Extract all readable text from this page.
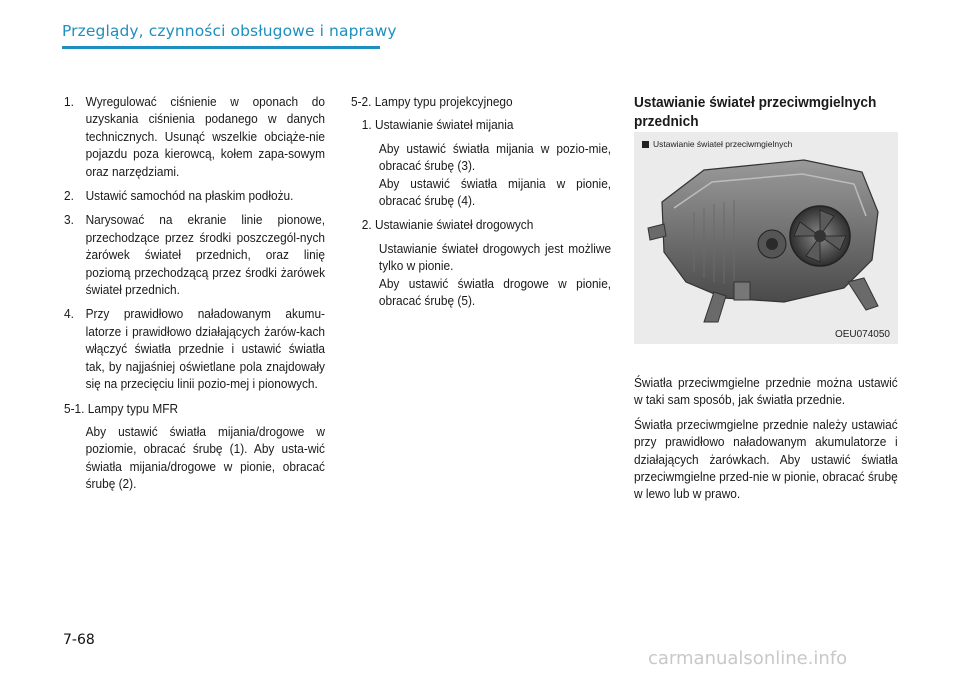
Przeglądy, czynności obsługowe i naprawy
1. Wyregulować ciśnienie w oponach do uzyskania ciśnienia podanego w danych technicznych. Usunąć wszelkie obciąże-nie pojazdu poza kierowcą, kołem zapa-sowym oraz narzędziami.
2. Ustawić samochód na płaskim podłożu.
3. Narysować na ekranie linie pionowe, przechodzące przez środki poszczegól-nych żarówek świateł przednich, oraz linię poziomą przechodzącą przez środki żarówek świateł przednich.
4. Przy prawidłowo naładowanym akumu-latorze i prawidłowo działających żarów-kach włączyć światła przednie i ustawić światła tak, by najjaśniej oświetlane pola znajdowały się na przecięciu linii pozio-mej i pionowych.
5-1. Lampy typu MFR
Aby ustawić światła mijania/drogowe w poziomie, obracać śrubę (1). Aby usta-wić światła mijania/drogowe w pionie, obracać śrubę (2).
5-2. Lampy typu projekcyjnego
1. Ustawianie świateł mijania
Aby ustawić światła mijania w pozio-mie, obracać śrubę (3).
Aby ustawić światła mijania w pionie, obracać śrubę (4).
2. Ustawianie świateł drogowych
Ustawianie świateł drogowych jest możliwe tylko w pionie.
Aby ustawić światła drogowe w pionie, obracać śrubę (5).
Ustawianie świateł przeciwmgielnych przednich
Ustawianie świateł przeciwmgielnych
OEU074050
Światła przeciwmgielne przednie można ustawić w taki sam sposób, jak światła przednie.
Światła przeciwmgielne przednie należy ustawiać przy prawidłowo naładowanym akumulatorze i działających żarówkach. Aby ustawić światła przeciwmgielne przed-nie w pionie, obracać śrubę w lewo lub w prawo.
7-68
carmanualsonline.info
